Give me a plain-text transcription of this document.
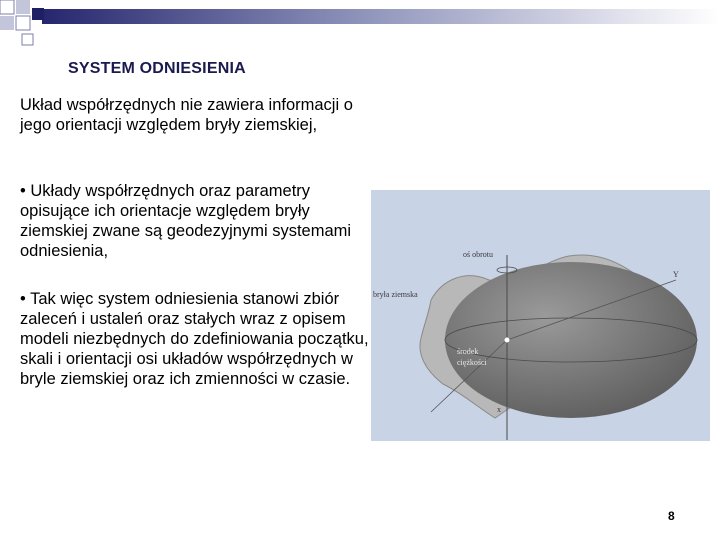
SYSTEM ODNIESIENIA
Układ współrzędnych nie zawiera informacji o jego orientacji względem bryły ziemskiej,
• Układy współrzędnych oraz parametry opisujące ich orientacje względem bryły ziemskiej zwane są geodezyjnymi systemami odniesienia,
• Tak więc system odniesienia stanowi zbiór zaleceń i ustaleń oraz stałych wraz z opisem modeli niezbędnych do zdefiniowania początku, skali i orientacji osi układów współrzędnych w bryle ziemskiej oraz ich zmienności w czasie.
oś obrotu
bryła ziemska
środek
ciężkości
Y
x
8
